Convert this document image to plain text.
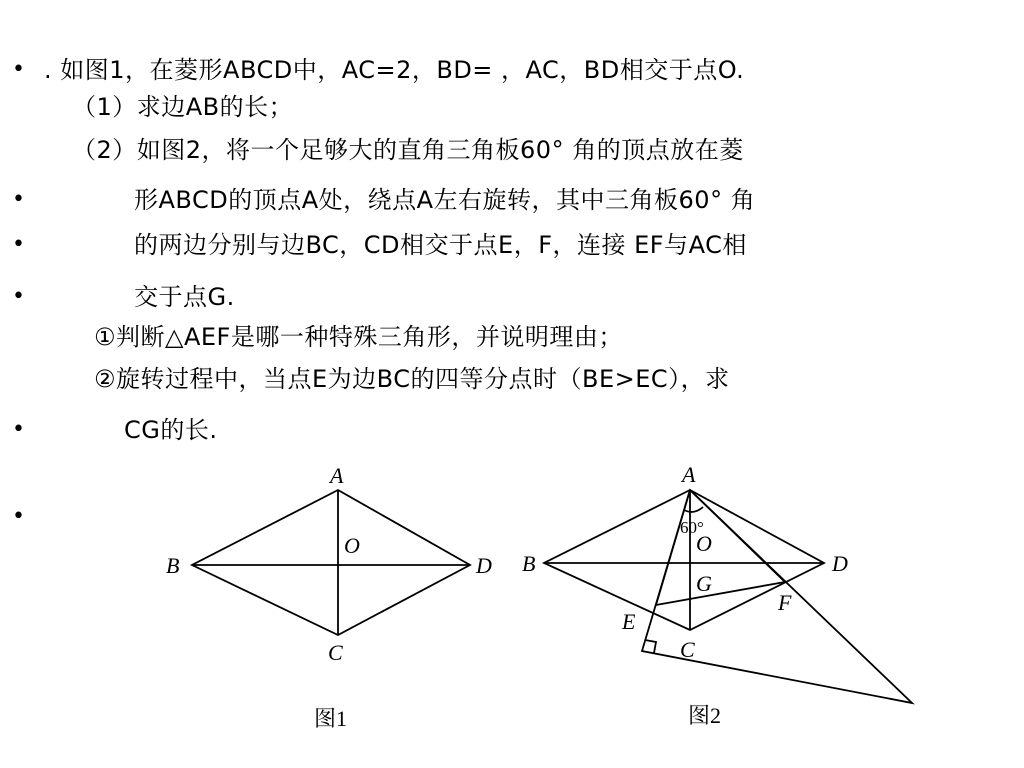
•
•
•
•
•
•
. 如图1，在菱形ABCD中，AC=2，BD= ，AC，BD相交于点O.
（1）求边AB的长；
（2）如图2，将一个足够大的直角三角板60° 角的顶点放在菱
形ABCD的顶点A处，绕点A左右旋转，其中三角板60° 角
的两边分别与边BC，CD相交于点E，F，连接 EF与AC相
交于点G.
①判断△AEF是哪一种特殊三角形，并说明理由；
②旋转过程中，当点E为边BC的四等分点时（BE>EC），求
CG的长.
A
B
C
D
O
图1
60°
A
B
C
D
O
E
F
G
图2
